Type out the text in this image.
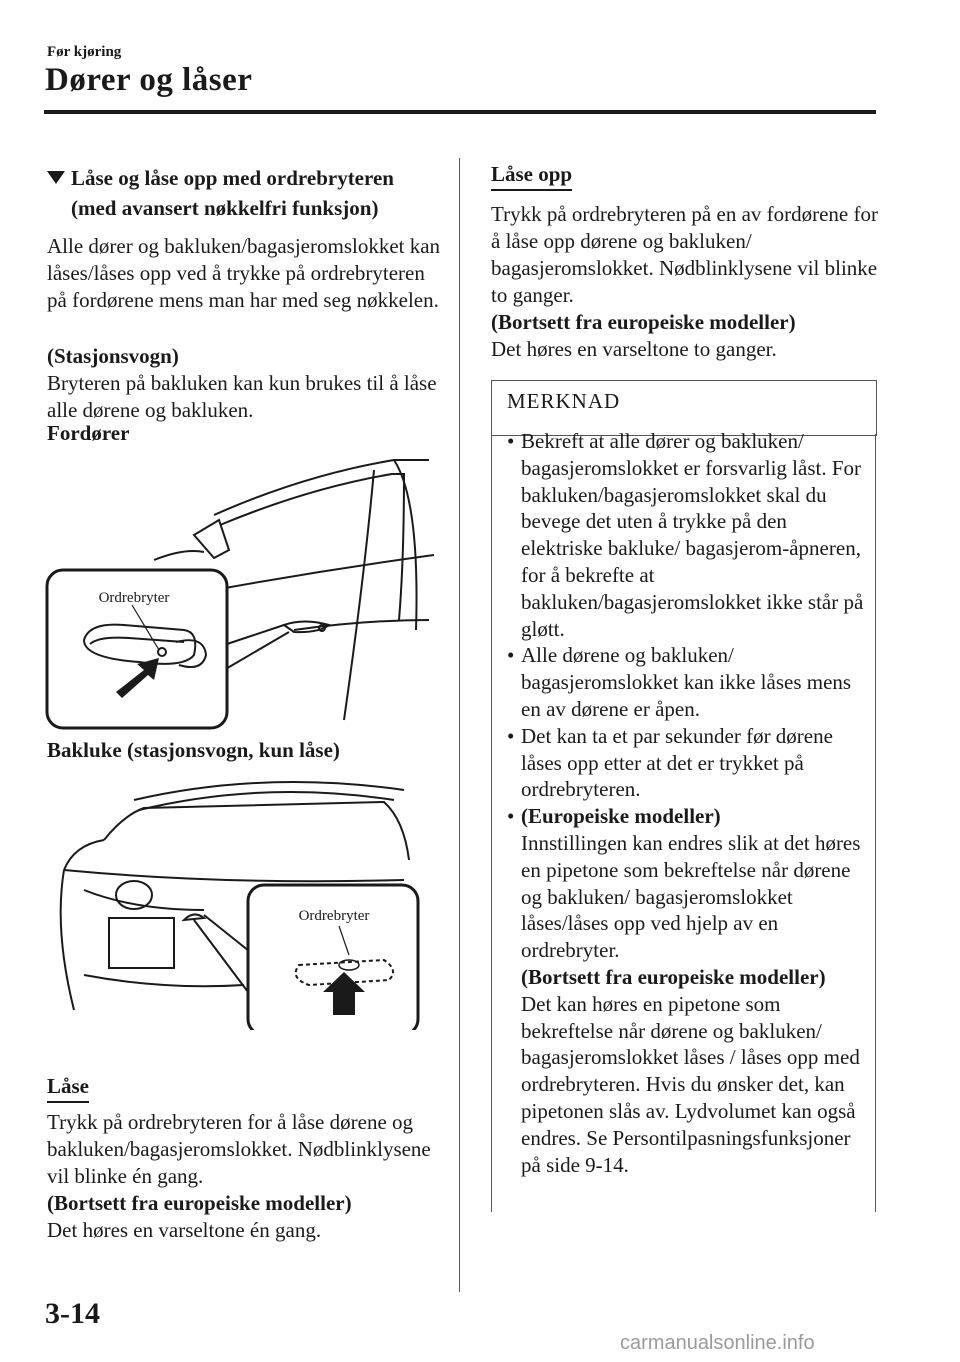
Før kjøring
Dører og låser
Låse og låse opp med ordrebryteren
(med avansert nøkkelfri funksjon)
Alle dører og bakluken/bagasjeromslokket kan låses/låses opp ved å trykke på ordrebryteren på fordørene mens man har med seg nøkkelen.
(Stasjonsvogn)
Bryteren på bakluken kan kun brukes til å låse alle dørene og bakluken.
Fordører
Ordrebryter
Bakluke (stasjonsvogn, kun låse)
Ordrebryter
Låse
Trykk på ordrebryteren for å låse dørene og bakluken/bagasjeromslokket. Nødblinklysene vil blinke én gang.
(Bortsett fra europeiske modeller)
Det høres en varseltone én gang.
Låse opp
Trykk på ordrebryteren på en av fordørene for å låse opp dørene og bakluken/ bagasjeromslokket. Nødblinklysene vil blinke to ganger.
(Bortsett fra europeiske modeller)
Det høres en varseltone to ganger.
MERKNAD
• Bekreft at alle dører og bakluken/ bagasjeromslokket er forsvarlig låst. For bakluken/bagasjeromslokket skal du bevege det uten å trykke på den elektriske bakluke/ bagasjerom-åpneren, for å bekrefte at bakluken/bagasjeromslokket ikke står på gløtt.
• Alle dørene og bakluken/ bagasjeromslokket kan ikke låses mens en av dørene er åpen.
• Det kan ta et par sekunder før dørene låses opp etter at det er trykket på ordrebryteren.
• (Europeiske modeller)
Innstillingen kan endres slik at det høres en pipetone som bekreftelse når dørene og bakluken/ bagasjeromslokket låses/låses opp ved hjelp av en ordrebryter.
(Bortsett fra europeiske modeller)
Det kan høres en pipetone som bekreftelse når dørene og bakluken/ bagasjeromslokket låses / låses opp med ordrebryteren. Hvis du ønsker det, kan pipetonen slås av. Lydvolumet kan også endres. Se Persontilpasningsfunksjoner på side 9-14.
3-14
carmanualsonline.info
